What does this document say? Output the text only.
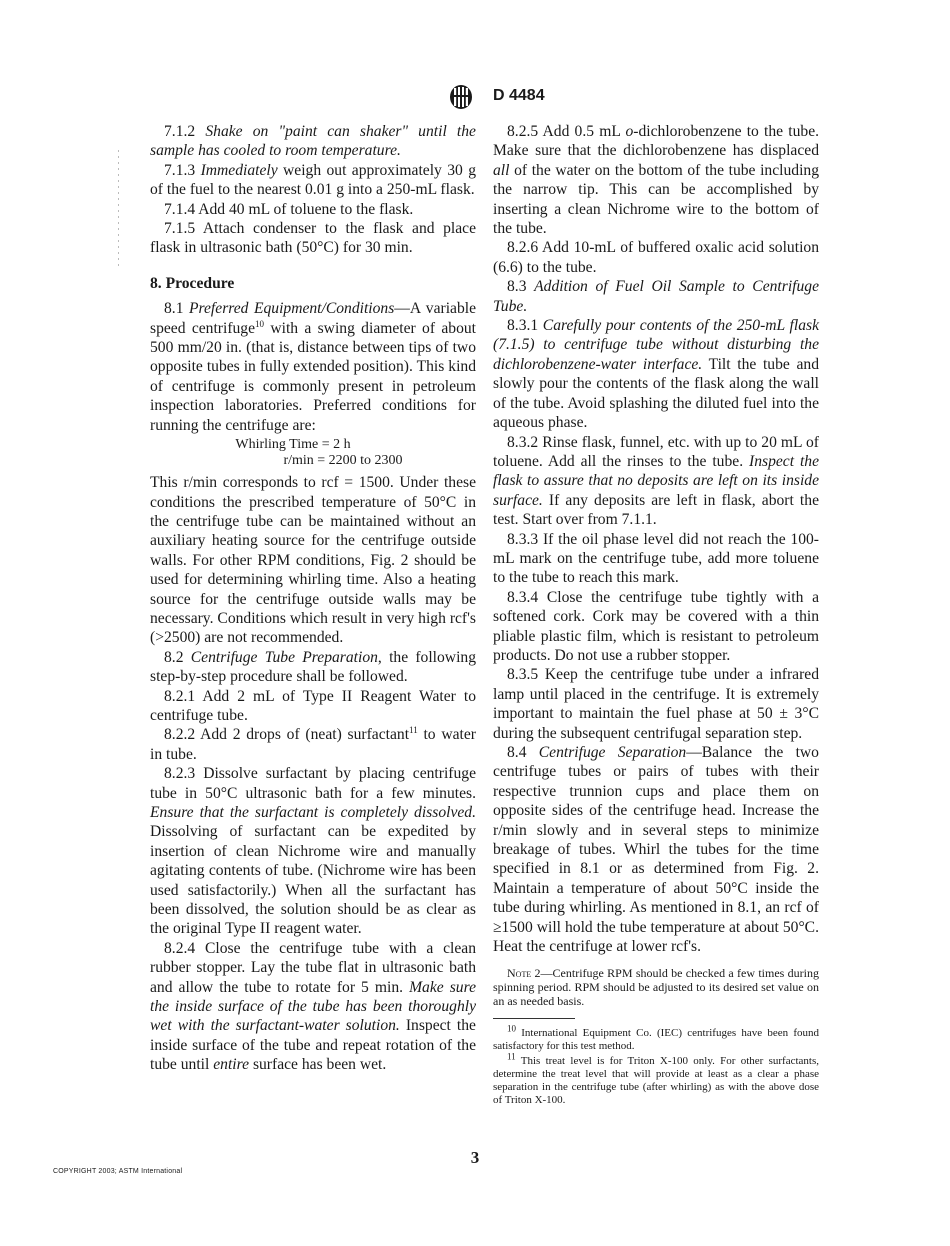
D 4484

7.1.2 Shake on "paint can shaker" until the sample has cooled to room temperature.

7.1.3 Immediately weigh out approximately 30 g of the fuel to the nearest 0.01 g into a 250-mL flask.

7.1.4 Add 40 mL of toluene to the flask.

7.1.5 Attach condenser to the flask and place flask in ultrasonic bath (50°C) for 30 min.

8. Procedure

8.1 Preferred Equipment/Conditions—A variable speed centrifuge$^{10}$ with a swing diameter of about 500 mm/20 in. (that is, distance between tips of two opposite tubes in fully extended position). This kind of centrifuge is commonly present in petroleum inspection laboratories. Preferred conditions for running the centrifuge are:

Whirling Time = 2 h
r/min = 2200 to 2300

This r/min corresponds to rcf = 1500. Under these conditions the prescribed temperature of 50°C in the centrifuge tube can be maintained without an auxiliary heating source for the centrifuge outside walls. For other RPM conditions, Fig. 2 should be used for determining whirling time. Also a heating source for the centrifuge outside walls may be necessary. Conditions which result in very high rcf's (>2500) are not recommended.

8.2 Centrifuge Tube Preparation, the following step-by-step procedure shall be followed.

8.2.1 Add 2 mL of Type II Reagent Water to centrifuge tube.

8.2.2 Add 2 drops of (neat) surfactant$^{11}$ to water in tube.

8.2.3 Dissolve surfactant by placing centrifuge tube in 50°C ultrasonic bath for a few minutes. Ensure that the surfactant is completely dissolved. Dissolving of surfactant can be expedited by insertion of clean Nichrome wire and manually agitating contents of tube. (Nichrome wire has been used satisfactorily.) When all the surfactant has been dissolved, the solution should be as clear as the original Type II reagent water.

8.2.4 Close the centrifuge tube with a clean rubber stopper. Lay the tube flat in ultrasonic bath and allow the tube to rotate for 5 min. Make sure the inside surface of the tube has been thoroughly wet with the surfactant-water solution. Inspect the inside surface of the tube and repeat rotation of the tube until entire surface has been wet.

8.2.5 Add 0.5 mL o-dichlorobenzene to the tube. Make sure that the dichlorobenzene has displaced all of the water on the bottom of the tube including the narrow tip. This can be accomplished by inserting a clean Nichrome wire to the bottom of the tube.

8.2.6 Add 10-mL of buffered oxalic acid solution (6.6) to the tube.

8.3 Addition of Fuel Oil Sample to Centrifuge Tube.

8.3.1 Carefully pour contents of the 250-mL flask (7.1.5) to centrifuge tube without disturbing the dichlorobenzene-water interface. Tilt the tube and slowly pour the contents of the flask along the wall of the tube. Avoid splashing the diluted fuel into the aqueous phase.

8.3.2 Rinse flask, funnel, etc. with up to 20 mL of toluene. Add all the rinses to the tube. Inspect the flask to assure that no deposits are left on its inside surface. If any deposits are left in flask, abort the test. Start over from 7.1.1.

8.3.3 If the oil phase level did not reach the 100-mL mark on the centrifuge tube, add more toluene to the tube to reach this mark.

8.3.4 Close the centrifuge tube tightly with a softened cork. Cork may be covered with a thin pliable plastic film, which is resistant to petroleum products. Do not use a rubber stopper.

8.3.5 Keep the centrifuge tube under a infrared lamp until placed in the centrifuge. It is extremely important to maintain the fuel phase at 50 ± 3°C during the subsequent centrifugal separation step.

8.4 Centrifuge Separation—Balance the two centrifuge tubes or pairs of tubes with their respective trunnion cups and place them on opposite sides of the centrifuge head. Increase the r/min slowly and in several steps to minimize breakage of tubes. Whirl the tubes for the time specified in 8.1 or as determined from Fig. 2. Maintain a temperature of about 50°C inside the tube during whirling. As mentioned in 8.1, an rcf of ≥1500 will hold the tube temperature at about 50°C. Heat the centrifuge at lower rcf's.

Note 2—Centrifuge RPM should be checked a few times during spinning period. RPM should be adjusted to its desired set value on an as needed basis.

$^{10}$ International Equipment Co. (IEC) centrifuges have been found satisfactory for this test method.

$^{11}$ This treat level is for Triton X-100 only. For other surfactants, determine the treat level that will provide at least as a clear a phase separation in the centrifuge tube (after whirling) as with the above dose of Triton X-100.

3
COPYRIGHT 2003; ASTM International
